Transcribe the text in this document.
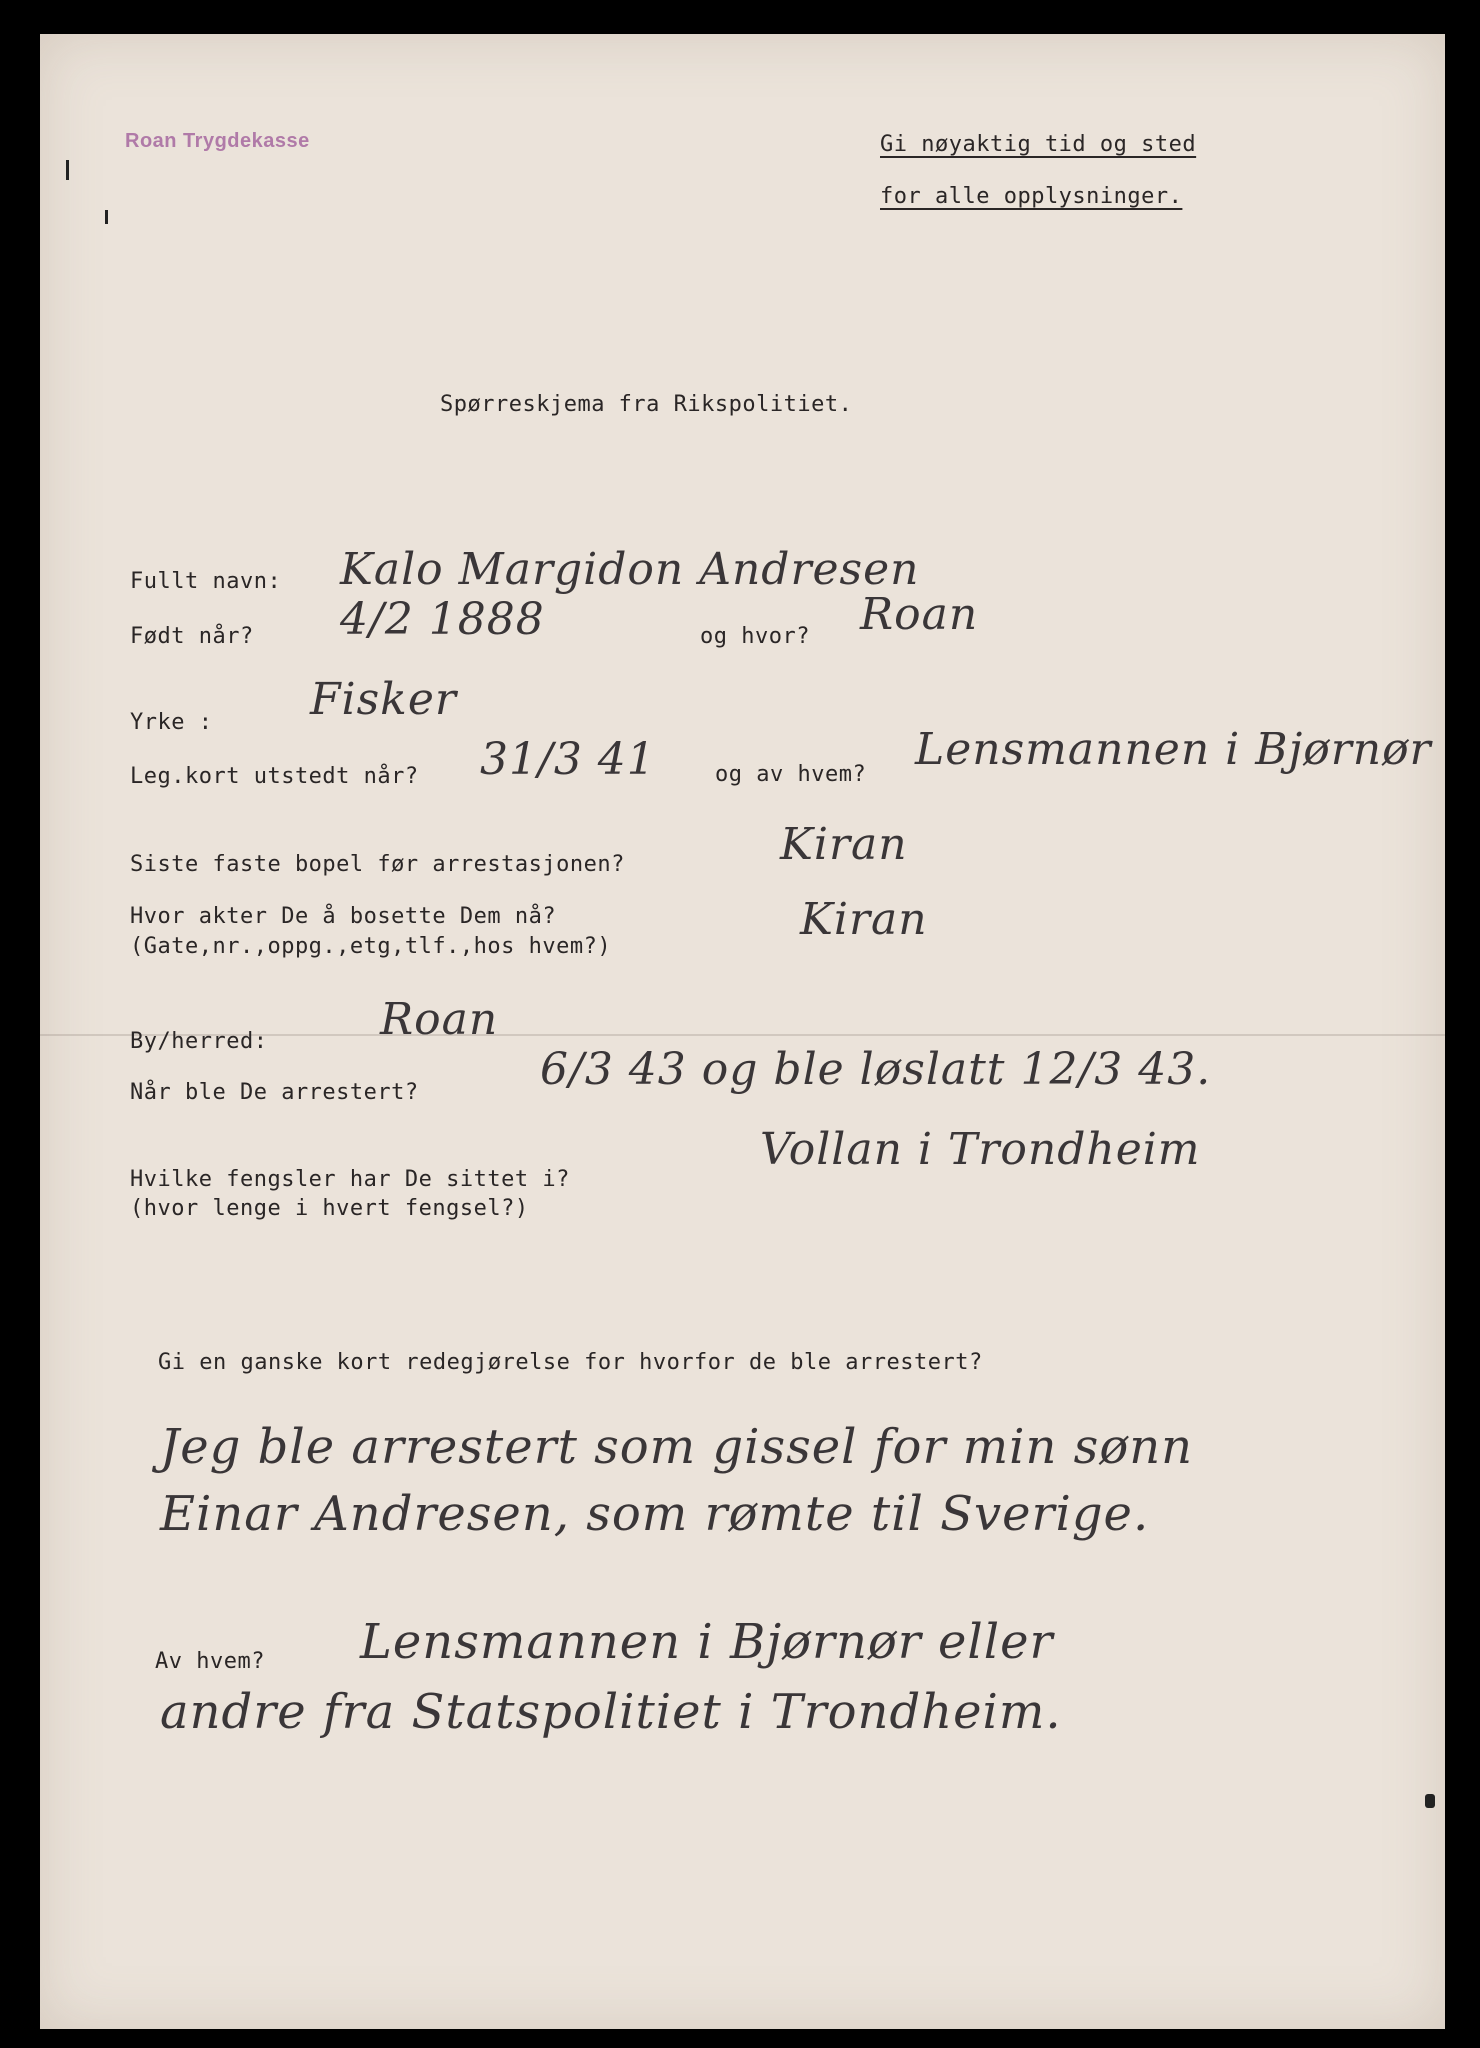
Roan Trygdekasse	Gi nøyaktig tid og sted
for alle opplysninger.
Spørreskjema fra Rikspolitiet.
Fullt navn: Kalo Margidon Andresen
Født når? 4/2 1888	og hvor? Roan
Yrke : Fisker
Leg.kort utstedt når? 31/3 41	og av hvem? Lensmannen i Bjørnør
Siste faste bopel før arrestasjonen?	Kiran
Hvor akter De å bosette Dem nå?
(Gate,nr.,oppg.,etg,tlf.,hos hvem?)
Kiran
By/herred:	Roan
Når ble De arrestert?	6/3 43 og ble løslatt 12/3 43.
Hvilke fengsler har De sittet i?
(hvor lenge i hvert fengsel?)
Vollan i Trondheim
Gi en ganske kort redegjørelse for hvorfor de ble arrestert?
Jeg ble arrestert som gissel for min sønn
Einar Andresen, som rømte til Sverige.
Av hvem? Lensmannen i Bjørnør eller
andre fra Statspolitiet i Trondheim.
